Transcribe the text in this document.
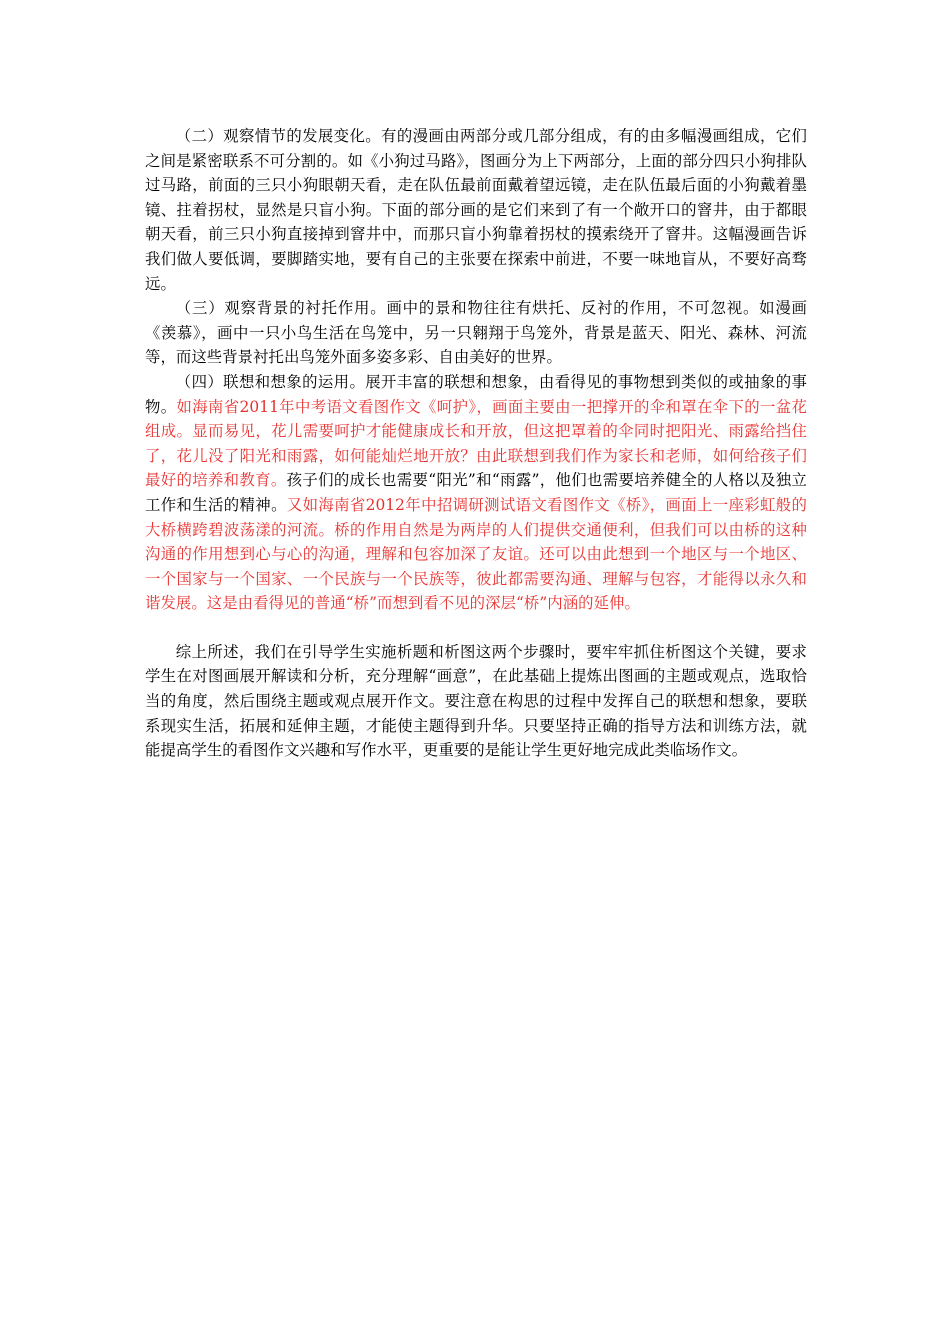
（二）观察情节的发展变化。有的漫画由两部分或几部分组成，有的由多幅漫画组成，它们之间是紧密联系不可分割的。如《小狗过马路》，图画分为上下两部分，上面的部分四只小狗排队过马路，前面的三只小狗眼朝天看，走在队伍最前面戴着望远镜，走在队伍最后面的小狗戴着墨镜、拄着拐杖，显然是只盲小狗。下面的部分画的是它们来到了有一个敞开口的窨井，由于都眼朝天看，前三只小狗直接掉到窨井中，而那只盲小狗靠着拐杖的摸索绕开了窨井。这幅漫画告诉我们做人要低调，要脚踏实地，要有自己的主张要在探索中前进，不要一味地盲从，不要好高骛远。

（三）观察背景的衬托作用。画中的景和物往往有烘托、反衬的作用，不可忽视。如漫画《羡慕》，画中一只小鸟生活在鸟笼中，另一只翱翔于鸟笼外，背景是蓝天、阳光、森林、河流等，而这些背景衬托出鸟笼外面多姿多彩、自由美好的世界。

（四）联想和想象的运用。展开丰富的联想和想象，由看得见的事物想到类似的或抽象的事物。如海南省2011年中考语文看图作文《呵护》，画面主要由一把撑开的伞和罩在伞下的一盆花组成。显而易见，花儿需要呵护才能健康成长和开放，但这把罩着的伞同时把阳光、雨露给挡住了，花儿没了阳光和雨露，如何能灿烂地开放？由此联想到我们作为家长和老师，如何给孩子们最好的培养和教育。孩子们的成长也需要“阳光”和“雨露”，他们也需要培养健全的人格以及独立工作和生活的精神。又如海南省2012年中招调研测试语文看图作文《桥》，画面上一座彩虹般的大桥横跨碧波荡漾的河流。桥的作用自然是为两岸的人们提供交通便利，但我们可以由桥的这种沟通的作用想到心与心的沟通，理解和包容加深了友谊。还可以由此想到一个地区与一个地区、一个国家与一个国家、一个民族与一个民族等，彼此都需要沟通、理解与包容，才能得以永久和谐发展。这是由看得见的普通“桥”而想到看不见的深层“桥”内涵的延伸。

综上所述，我们在引导学生实施析题和析图这两个步骤时，要牢牢抓住析图这个关键，要求学生在对图画展开解读和分析，充分理解“画意”，在此基础上提炼出图画的主题或观点，选取恰当的角度，然后围绕主题或观点展开作文。要注意在构思的过程中发挥自己的联想和想象，要联系现实生活，拓展和延伸主题，才能使主题得到升华。只要坚持正确的指导方法和训练方法，就能提高学生的看图作文兴趣和写作水平，更重要的是能让学生更好地完成此类临场作文。
